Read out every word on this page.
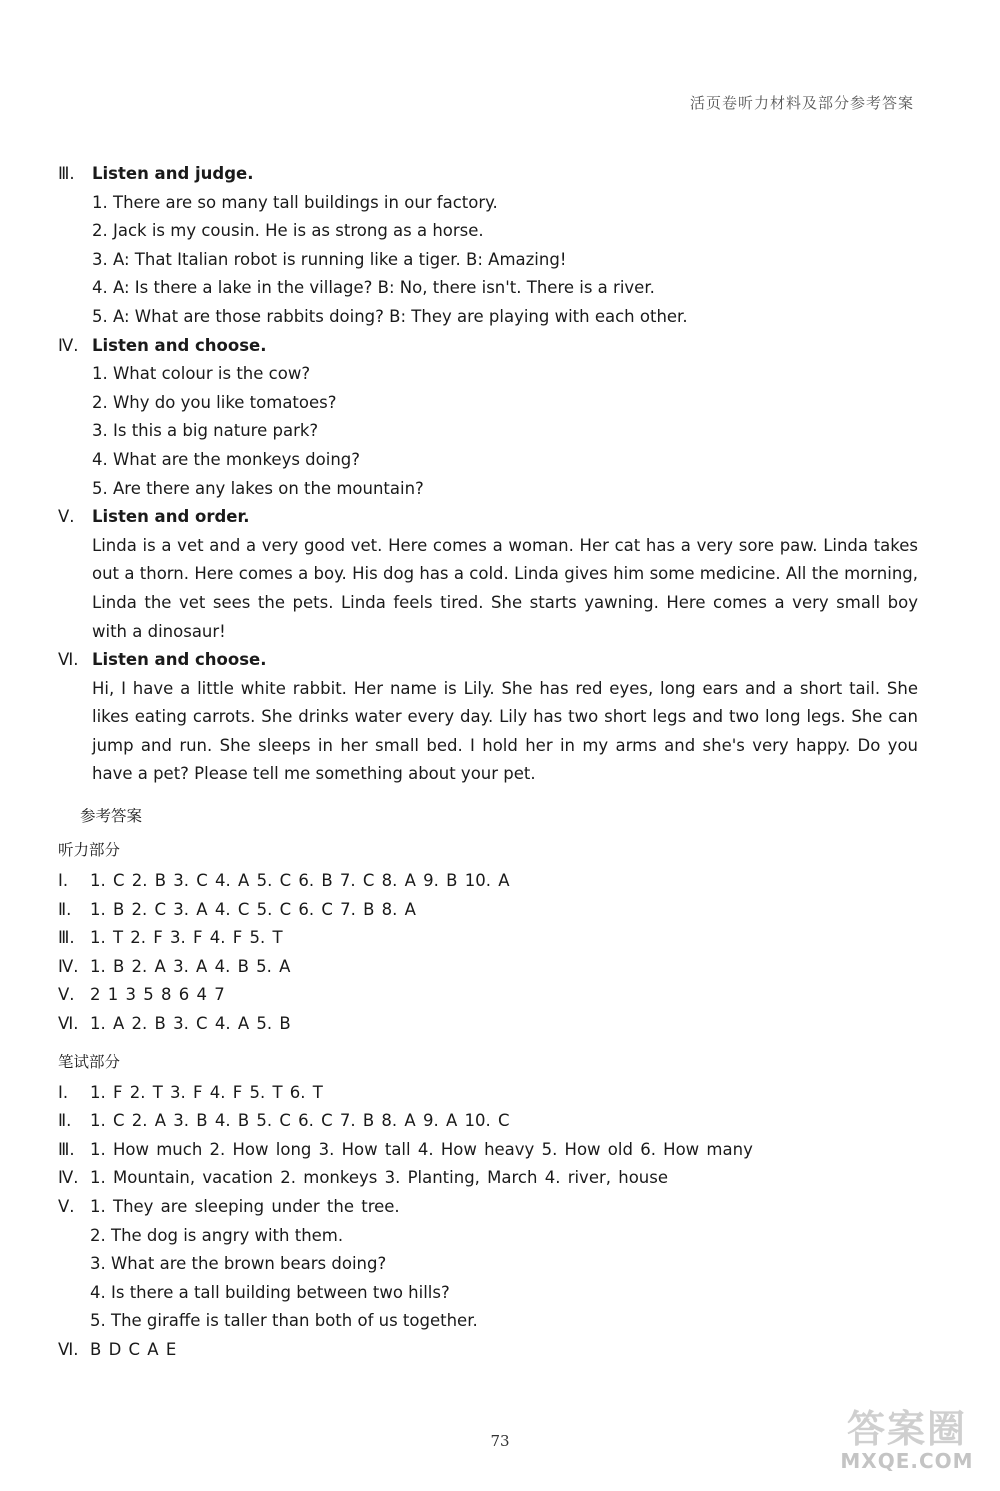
活页卷听力材料及部分参考答案
Ⅲ. Listen and judge.
1. There are so many tall buildings in our factory.
2. Jack is my cousin. He is as strong as a horse.
3. A: That Italian robot is running like a tiger. B: Amazing!
4. A: Is there a lake in the village? B: No, there isn't. There is a river.
5. A: What are those rabbits doing? B: They are playing with each other.
Ⅳ. Listen and choose.
1. What colour is the cow?
2. Why do you like tomatoes?
3. Is this a big nature park?
4. What are the monkeys doing?
5. Are there any lakes on the mountain?
Ⅴ. Listen and order.

Linda is a vet and a very good vet. Here comes a woman. Her cat has a very sore paw. Linda takes out a thorn. Here comes a boy. His dog has a cold. Linda gives him some medicine. All the morning, Linda the vet sees the pets. Linda feels tired. She starts yawning. Here comes a very small boy with a dinosaur!

Ⅵ. Listen and choose.

Hi, I have a little white rabbit. Her name is Lily. She has red eyes, long ears and a short tail. She likes eating carrots. She drinks water every day. Lily has two short legs and two long legs. She can jump and run. She sleeps in her small bed. I hold her in my arms and she's very happy. Do you have a pet? Please tell me something about your pet.

参考答案
听力部分
Ⅰ. 1. C 2. B 3. C 4. A 5. C 6. B 7. C 8. A 9. B 10. A
Ⅱ. 1. B 2. C 3. A 4. C 5. C 6. C 7. B 8. A
Ⅲ. 1. T 2. F 3. F 4. F 5. T
Ⅳ. 1. B 2. A 3. A 4. B 5. A
Ⅴ. 2 1 3 5 8 6 4 7
Ⅵ. 1. A 2. B 3. C 4. A 5. B
笔试部分
Ⅰ. 1. F 2. T 3. F 4. F 5. T 6. T
Ⅱ. 1. C 2. A 3. B 4. B 5. C 6. C 7. B 8. A 9. A 10. C
Ⅲ. 1. How much 2. How long 3. How tall 4. How heavy 5. How old 6. How many
Ⅳ. 1. Mountain, vacation 2. monkeys 3. Planting, March 4. river, house
Ⅴ. 1. They are sleeping under the tree.
2. The dog is angry with them.
3. What are the brown bears doing?
4. Is there a tall building between two hills?
5. The giraffe is taller than both of us together.
Ⅵ. B D C A E
73	答案圈
MXQE.COM
